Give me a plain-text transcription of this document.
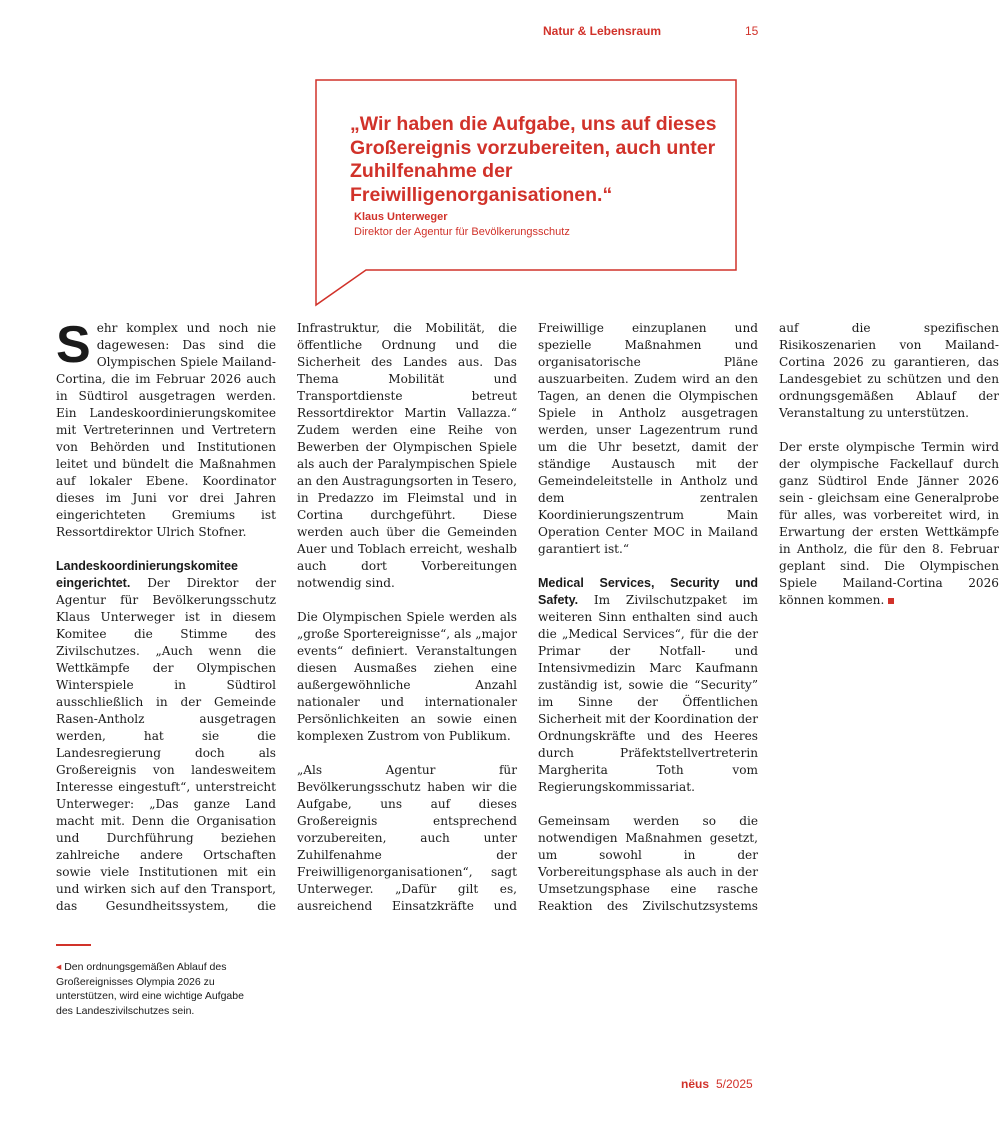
Natur & Lebensraum	15
„Wir haben die Aufgabe, uns auf dieses Großereignis vorzubereiten, auch unter Zuhilfenahme der Freiwilligenorganisationen.“
Klaus Unterweger
Direktor der Agentur für Bevölkerungsschutz
◂ Den ordnungsgemäßen Ablauf des Großereignisses Olympia 2026 zu unterstützen, wird eine wichtige Aufgabe des Landeszivilschutzes sein.
nëus 5/2025

Sehr komplex und noch nie dagewesen: Das sind die Olympischen Spiele Mailand-Cortina, die im Februar 2026 auch in Südtirol ausgetragen werden. Ein Landeskoordinierungskomitee mit Vertreterinnen und Vertretern von Behörden und Institutionen leitet und bündelt die Maßnahmen auf lokaler Ebene. Koordinator dieses im Juni vor drei Jahren eingerichteten Gremiums ist Ressortdirektor Ulrich Stofner.

Landeskoordinierungskomitee eingerichtet. Der Direktor der Agentur für Bevölkerungsschutz Klaus Unterweger ist in diesem Komitee die Stimme des Zivilschutzes. „Auch wenn die Wettkämpfe der Olympischen Winterspiele in Südtirol ausschließlich in der Gemeinde Rasen-Antholz ausgetragen werden, hat sie die Landesregierung doch als Großereignis von landesweitem Interesse eingestuft“, unterstreicht Unterweger: „Das ganze Land macht mit. Denn die Organisation und Durchführung beziehen zahlreiche andere Ortschaften sowie viele Institutionen mit ein und wirken sich auf den Transport, das Gesundheitssystem, die Infrastruktur, die Mobilität, die öffentliche Ordnung und die Sicherheit des Landes aus. Das Thema Mobilität und Transportdienste betreut Ressortdirektor Martin Vallazza.“ Zudem werden eine Reihe von Bewerben der Olympischen Spiele als auch der Paralympischen Spiele an den Austragungsorten in Tesero, in Predazzo im Fleimstal und in Cortina durchgeführt. Diese werden auch über die Gemeinden Auer und Toblach erreicht, weshalb auch dort Vorbereitungen notwendig sind.

Die Olympischen Spiele werden als „große Sportereignisse“, als „major events“ definiert. Veranstaltungen diesen Ausmaßes ziehen eine außergewöhnliche Anzahl nationaler und internationaler Persönlichkeiten an sowie einen komplexen Zustrom von Publikum.

„Als Agentur für Bevölkerungsschutz haben wir die Aufgabe, uns auf dieses Großereignis entsprechend vorzubereiten, auch unter Zuhilfenahme der Freiwilligenorganisationen“, sagt Unterweger. „Dafür gilt es, ausreichend Einsatzkräfte und Freiwillige einzuplanen und spezielle Maßnahmen und organisatorische Pläne auszuarbeiten. Zudem wird an den Tagen, an denen die Olympischen Spiele in Antholz ausgetragen werden, unser Lagezentrum rund um die Uhr besetzt, damit der ständige Austausch mit der Gemeindeleitstelle in Antholz und dem zentralen Koordinierungszentrum Main Operation Center MOC in Mailand garantiert ist.“

Medical Services, Security und Safety. Im Zivilschutzpaket im weiteren Sinn enthalten sind auch die „Medical Services“, für die der Primar der Notfall- und Intensivmedizin Marc Kaufmann zuständig ist, sowie die “Security” im Sinne der Öffentlichen Sicherheit mit der Koordination der Ordnungskräfte und des Heeres durch Präfektstellvertreterin Margherita Toth vom Regierungskommissariat.

Gemeinsam werden so die notwendigen Maßnahmen gesetzt, um sowohl in der Vorbereitungsphase als auch in der Umsetzungsphase eine rasche Reaktion des Zivilschutzsystems auf die spezifischen Risikoszenarien von Mailand-Cortina 2026 zu garantieren, das Landesgebiet zu schützen und den ordnungsgemäßen Ablauf der Veranstaltung zu unterstützen.

Der erste olympische Termin wird der olympische Fackellauf durch ganz Südtirol Ende Jänner 2026 sein - gleichsam eine Generalprobe für alles, was vorbereitet wird, in Erwartung der ersten Wettkämpfe in Antholz, die für den 8. Februar geplant sind. Die Olympischen Spiele Mailand-Cortina 2026 können kommen.
